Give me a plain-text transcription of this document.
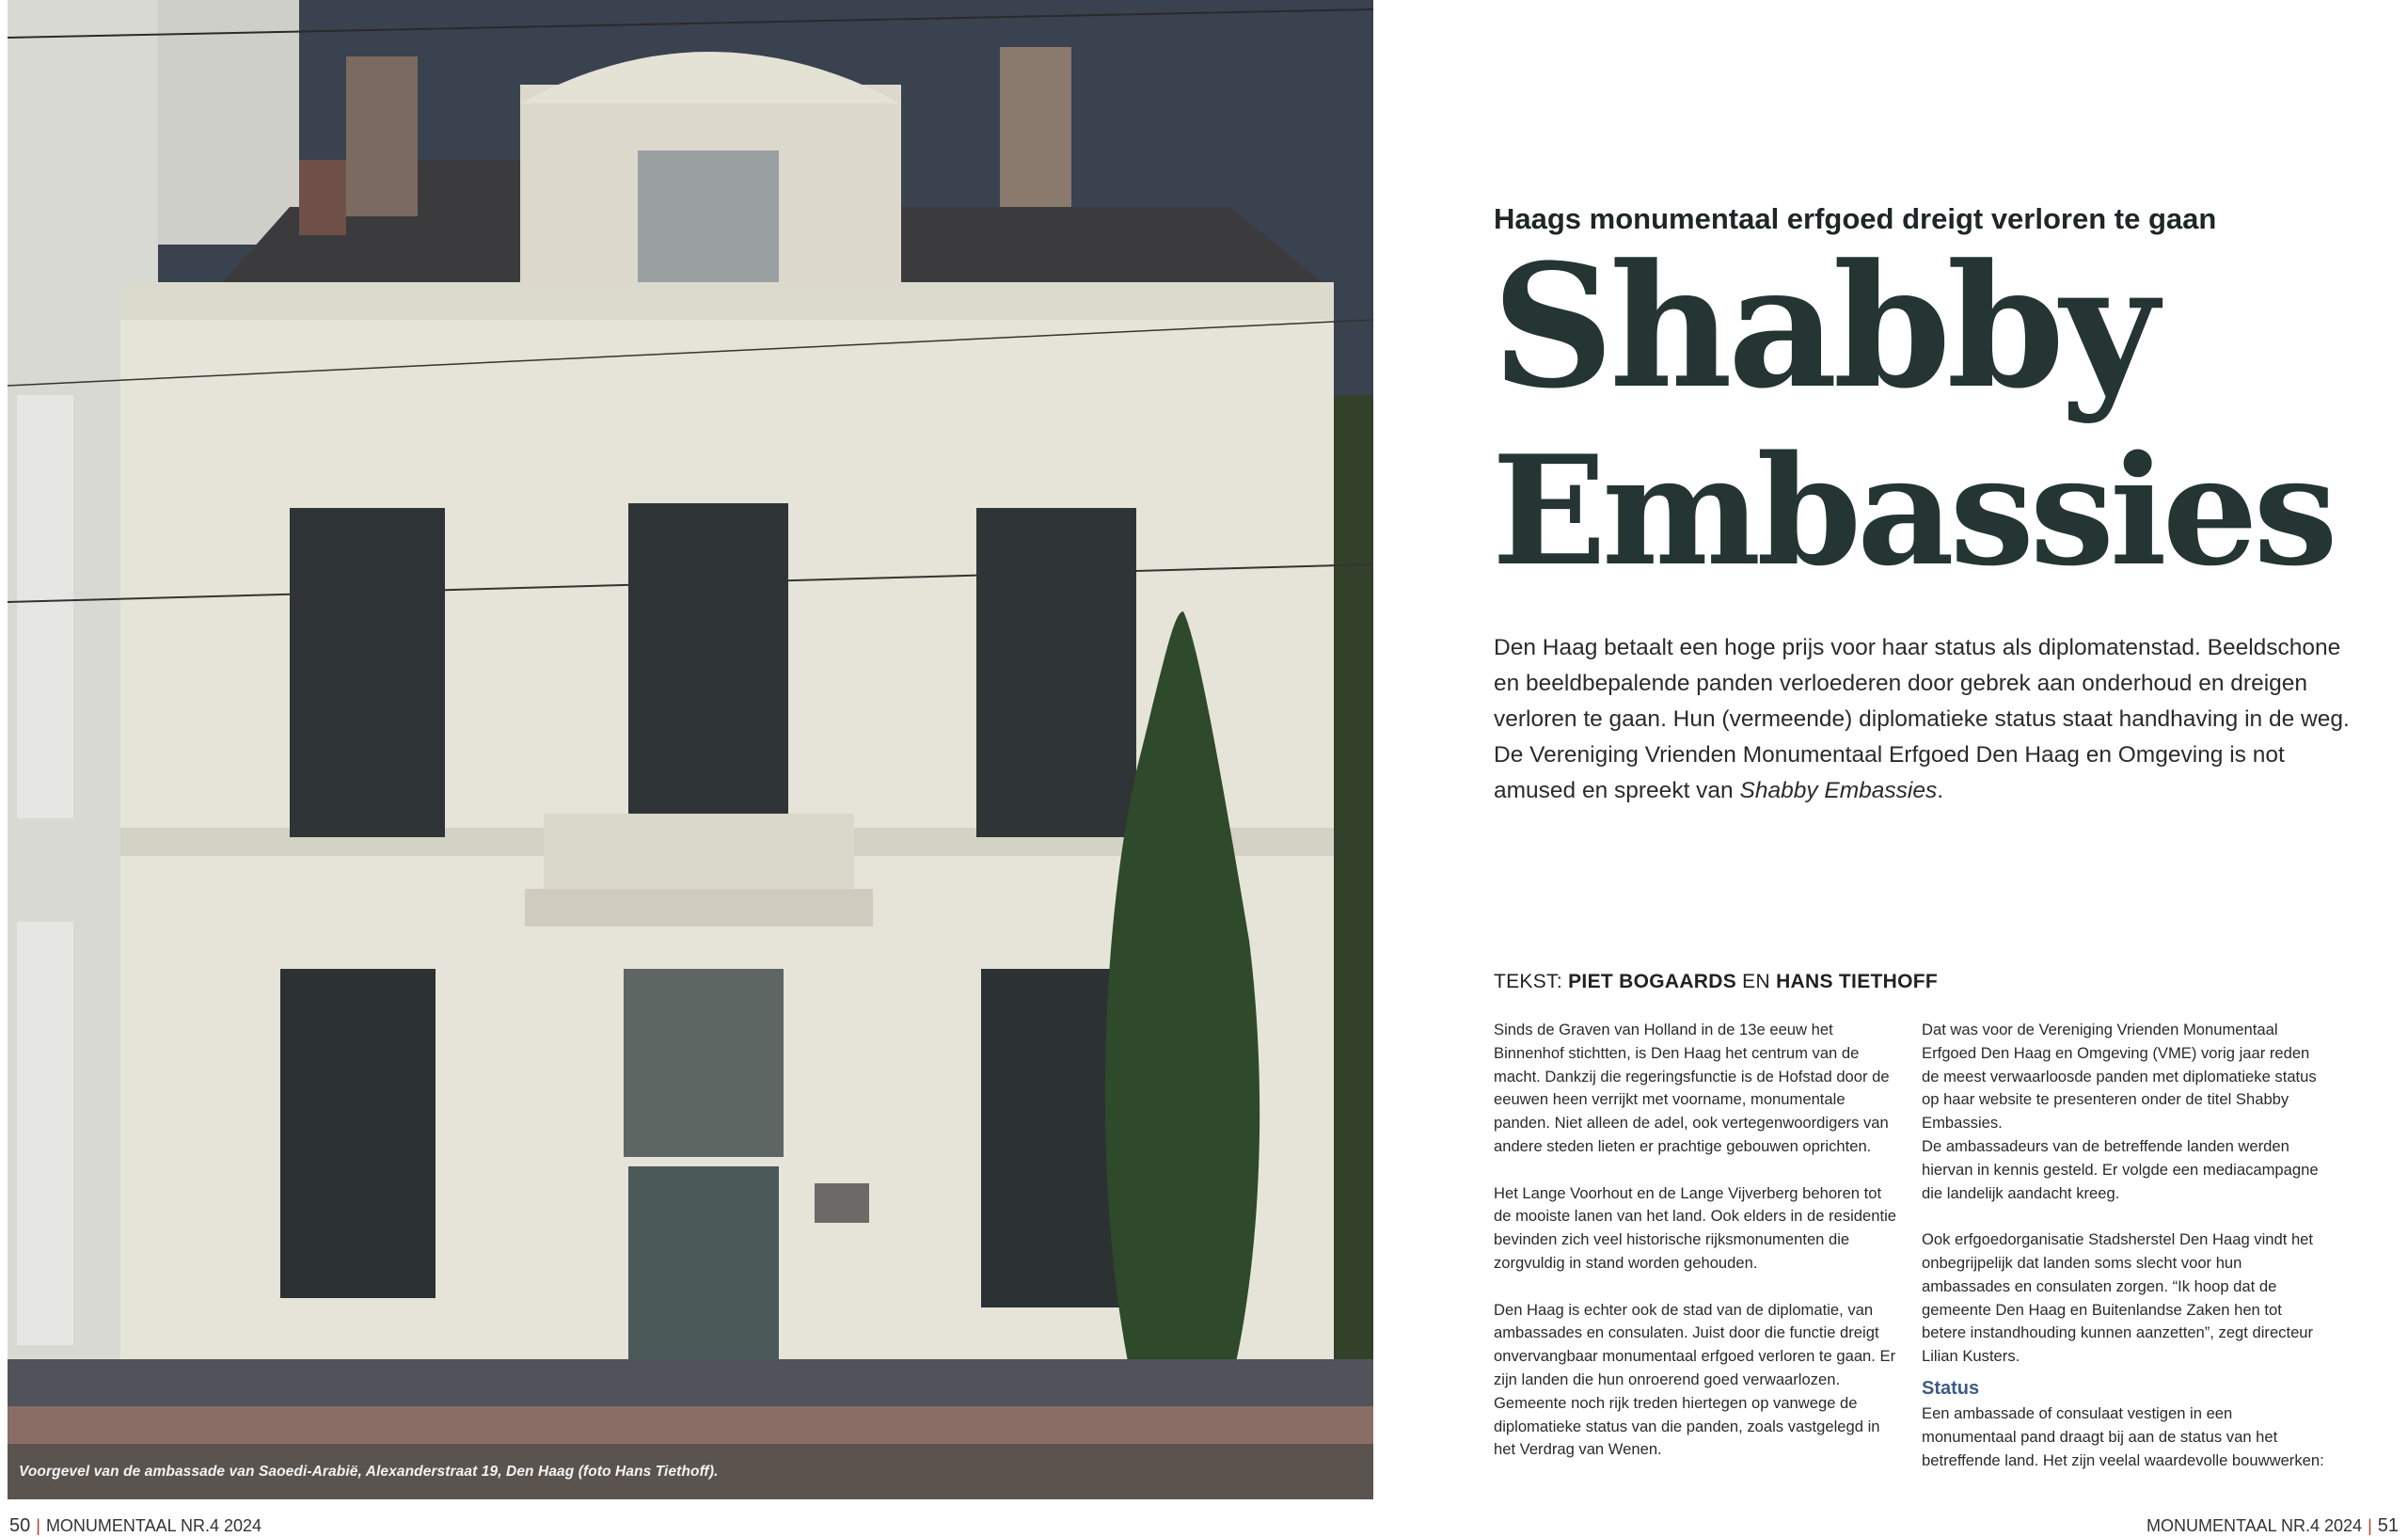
Voorgevel van de ambassade van Saoedi-Arabië, Alexanderstraat 19, Den Haag (foto Hans Tiethoff).
Haags monumentaal erfgoed dreigt verloren te gaan
Shabby
Embassies

Den Haag betaalt een hoge prijs voor haar status als diplomatenstad. Beeldschone en beeldbepalende panden verloederen door gebrek aan onderhoud en dreigen verloren te gaan. Hun (vermeende) diplomatieke status staat handhaving in de weg. De Vereniging Vrienden Monumentaal Erfgoed Den Haag en Omgeving is not amused en spreekt van Shabby Embassies.

TEKST: PIET BOGAARDS EN HANS TIETHOFF

Sinds de Graven van Holland in de 13e eeuw het Binnenhof stichtten, is Den Haag het centrum van de macht. Dankzij die regeringsfunctie is de Hofstad door de eeuwen heen verrijkt met voorname, monumentale panden. Niet alleen de adel, ook vertegenwoordigers van andere steden lieten er prachtige gebouwen oprichten.

Het Lange Voorhout en de Lange Vijverberg behoren tot de mooiste lanen van het land. Ook elders in de residentie bevinden zich veel historische rijksmonumenten die zorgvuldig in stand worden gehouden.

Den Haag is echter ook de stad van de diplomatie, van ambassades en consulaten. Juist door die functie dreigt onvervangbaar monumentaal erfgoed verloren te gaan. Er zijn landen die hun onroerend goed verwaarlozen. Gemeente noch rijk treden hiertegen op vanwege de diplomatieke status van die panden, zoals vastgelegd in het Verdrag van Wenen.

Dat was voor de Vereniging Vrienden Monumentaal Erfgoed Den Haag en Omgeving (VME) vorig jaar reden de meest verwaarloosde panden met diplomatieke status op haar website te presenteren onder de titel Shabby Embassies.

De ambassadeurs van de betreffende landen werden hiervan in kennis gesteld. Er volgde een mediacampagne die landelijk aandacht kreeg.

Ook erfgoedorganisatie Stadsherstel Den Haag vindt het onbegrijpelijk dat landen soms slecht voor hun ambassades en consulaten zorgen. “Ik hoop dat de gemeente Den Haag en Buitenlandse Zaken hen tot betere instandhouding kunnen aanzetten”, zegt directeur Lilian Kusters.

Status

Een ambassade of consulaat vestigen in een monumentaal pand draagt bij aan de status van het betreffende land. Het zijn veelal waardevolle bouwwerken:

50 | MONUMENTAAL NR.4 2024	MONUMENTAAL NR.4 2024 | 51
